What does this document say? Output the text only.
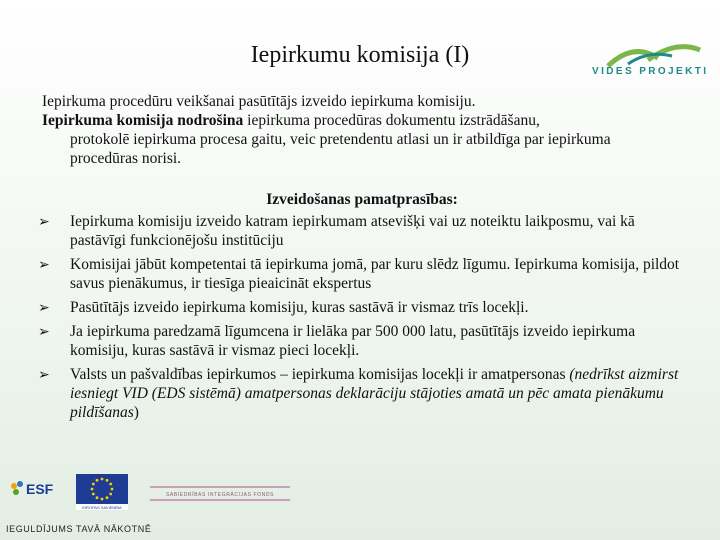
Iepirkumu komisija (I)
VIDES PROJEKTI

Iepirkuma procedūru veikšanai pasūtītājs izveido iepirkuma komisiju.

Iepirkuma komisija nodrošina iepirkuma procedūras dokumentu izstrādāšanu,
protokolē iepirkuma procesa gaitu, veic pretendentu atlasi un ir atbildīga par iepirkuma procedūras norisi.

Izveidošanas pamatprasības:
➢ Iepirkuma komisiju izveido katram iepirkumam atsevišķi vai uz noteiktu laikposmu, vai kā pastāvīgi funkcionējošu institūciju
➢ Komisijai jābūt kompetentai tā iepirkuma jomā, par kuru slēdz līgumu. Iepirkuma komisija, pildot savus pienākumus, ir tiesīga pieaicināt ekspertus
➢ Pasūtītājs izveido iepirkuma komisiju, kuras sastāvā ir vismaz trīs locekļi.
➢ Ja iepirkuma paredzamā līgumcena ir lielāka par 500 000 latu, pasūtītājs izveido iepirkuma komisiju, kuras sastāvā ir vismaz pieci locekļi.
➢ Valsts un pašvaldības iepirkumos – iepirkuma komisijas locekļi ir amatpersonas (nedrīkst aizmirst iesniegt VID (EDS sistēmā) amatpersonas deklarāciju stājoties amatā un pēc amata pienākumu pildīšanas)
ESF
EIROPAS SAVIENĪBA
SABIEDRĪBAS INTEGRĀCIJAS FONDS
IEGULDĪJUMS TAVĀ NĀKOTNĒ
